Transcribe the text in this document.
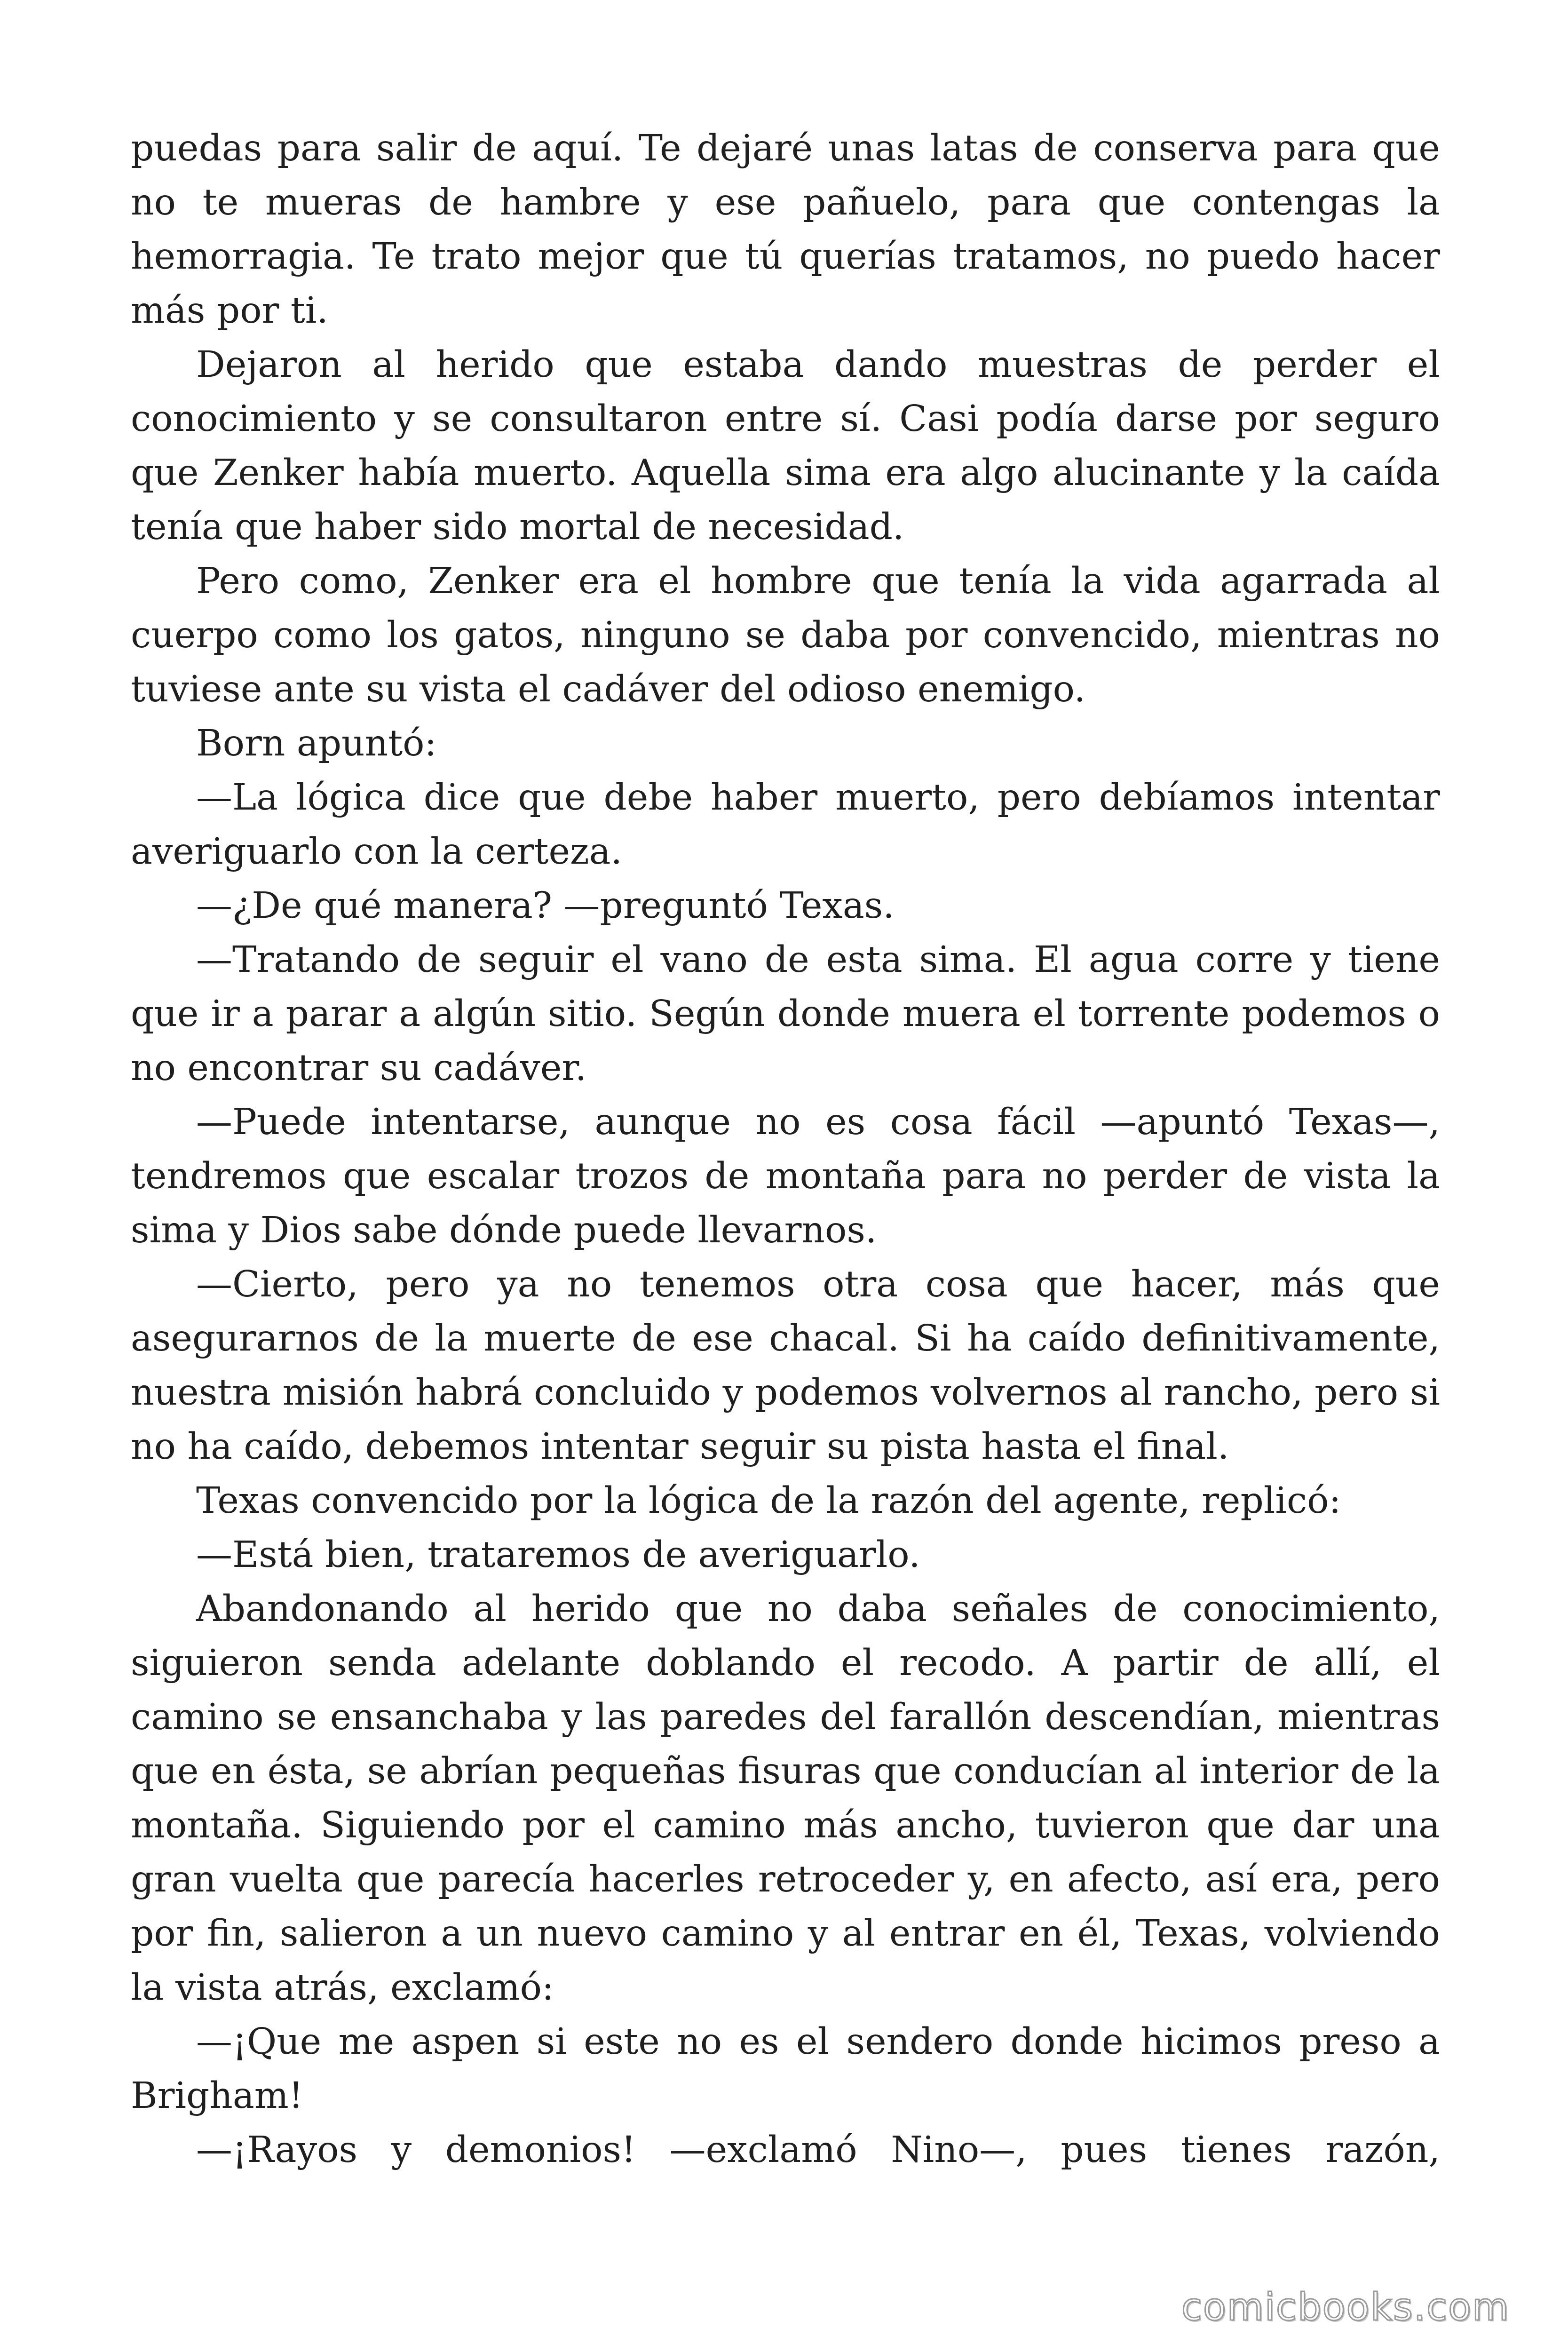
puedas para salir de aquí. Te dejaré unas latas de conserva para que no te mueras de hambre y ese pañuelo, para que contengas la hemorragia. Te trato mejor que tú querías tratamos, no puedo hacer más por ti.

Dejaron al herido que estaba dando muestras de perder el conocimiento y se consultaron entre sí. Casi podía darse por seguro que Zenker había muerto. Aquella sima era algo alucinante y la caída tenía que haber sido mortal de necesidad.

Pero como, Zenker era el hombre que tenía la vida agarrada al cuerpo como los gatos, ninguno se daba por convencido, mientras no tuviese ante su vista el cadáver del odioso enemigo.

Born apuntó:

—La lógica dice que debe haber muerto, pero debíamos intentar averiguarlo con la certeza.

—¿De qué manera? —preguntó Texas.

—Tratando de seguir el vano de esta sima. El agua corre y tiene que ir a parar a algún sitio. Según donde muera el torrente podemos o no encontrar su cadáver.

—Puede intentarse, aunque no es cosa fácil —apuntó Texas—, tendremos que escalar trozos de montaña para no perder de vista la sima y Dios sabe dónde puede llevarnos.

—Cierto, pero ya no tenemos otra cosa que hacer, más que asegurarnos de la muerte de ese chacal. Si ha caído definitivamente, nuestra misión habrá concluido y podemos volvernos al rancho, pero si no ha caído, debemos intentar seguir su pista hasta el final.

Texas convencido por la lógica de la razón del agente, replicó:

—Está bien, trataremos de averiguarlo.

Abandonando al herido que no daba señales de conocimiento, siguieron senda adelante doblando el recodo. A partir de allí, el camino se ensanchaba y las paredes del farallón descendían, mientras que en ésta, se abrían pequeñas fisuras que conducían al interior de la montaña. Siguiendo por el camino más ancho, tuvieron que dar una gran vuelta que parecía hacerles retroceder y, en afecto, así era, pero por fin, salieron a un nuevo camino y al entrar en él, Texas, volviendo la vista atrás, exclamó:

—¡Que me aspen si este no es el sendero donde hicimos preso a Brigham!

—¡Rayos y demonios! —exclamó Nino—, pues tienes razón,

comicbooks.com
